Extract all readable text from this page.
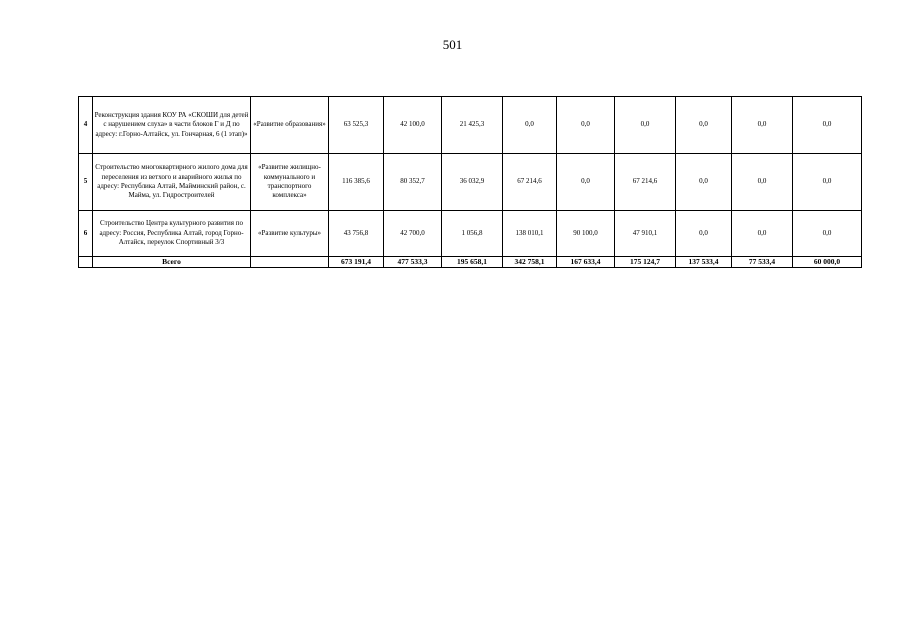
501
4	Реконструкция здания КОУ РА «СКОШИ для детей с нарушением слуха» в части блоков Г и Д по адресу: г.Горно-Алтайск, ул. Гончарная, 6 (1 этап)»	«Развитие образования»	63 525,3	42 100,0	21 425,3	0,0	0,0	0,0	0,0	0,0	0,0
5	Строительство многоквартирного жилого дома для переселения из ветхого и аварийного жилья по адресу: Республика Алтай, Майминский район, с. Майма, ул. Гидростроителей	«Развитие жилищно-коммунального и транспортного комплекса»	116 385,6	80 352,7	36 032,9	67 214,6	0,0	67 214,6	0,0	0,0	0,0
6	Строительство Центра культурного развития по адресу: Россия, Республика Алтай, город Горно-Алтайск, переулок Спортивный 3/3	«Развитие культуры»	43 756,8	42 700,0	1 056,8	138 010,1	90 100,0	47 910,1	0,0	0,0	0,0
	Всего		673 191,4	477 533,3	195 658,1	342 758,1	167 633,4	175 124,7	137 533,4	77 533,4	60 000,0
